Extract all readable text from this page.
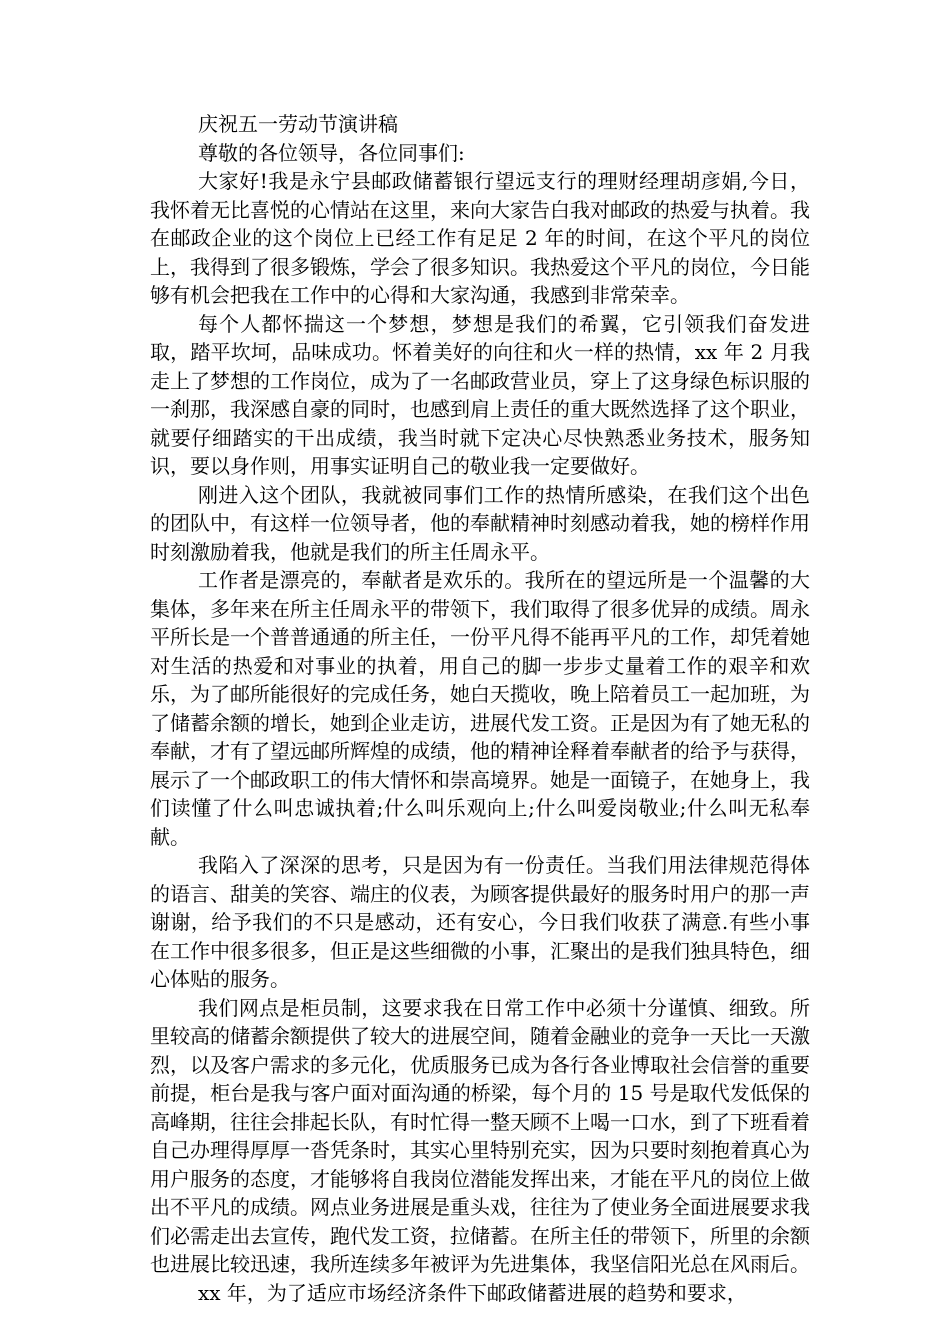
庆祝五一劳动节演讲稿

尊敬的各位领导，各位同事们:

大家好!我是永宁县邮政储蓄银行望远支行的理财经理胡彦娟,今日，我怀着无比喜悦的心情站在这里，来向大家告白我对邮政的热爱与执着。我在邮政企业的这个岗位上已经工作有足足 2 年的时间，在这个平凡的岗位上，我得到了很多锻炼，学会了很多知识。我热爱这个平凡的岗位，今日能够有机会把我在工作中的心得和大家沟通，我感到非常荣幸。

每个人都怀揣这一个梦想，梦想是我们的希翼，它引领我们奋发进取，踏平坎坷，品味成功。怀着美好的向往和火一样的热情，xx 年 2 月我走上了梦想的工作岗位，成为了一名邮政营业员，穿上了这身绿色标识服的一刹那，我深感自豪的同时，也感到肩上责任的重大既然选择了这个职业，就要仔细踏实的干出成绩，我当时就下定决心尽快熟悉业务技术，服务知识，要以身作则，用事实证明自己的敬业我一定要做好。

刚进入这个团队，我就被同事们工作的热情所感染，在我们这个出色的团队中，有这样一位领导者，他的奉献精神时刻感动着我，她的榜样作用时刻激励着我，他就是我们的所主任周永平。

工作者是漂亮的，奉献者是欢乐的。我所在的望远所是一个温馨的大集体，多年来在所主任周永平的带领下，我们取得了很多优异的成绩。周永平所长是一个普普通通的所主任，一份平凡得不能再平凡的工作，却凭着她对生活的热爱和对事业的执着，用自己的脚一步步丈量着工作的艰辛和欢乐，为了邮所能很好的完成任务，她白天揽收，晚上陪着员工一起加班，为了储蓄余额的增长，她到企业走访，进展代发工资。正是因为有了她无私的奉献，才有了望远邮所辉煌的成绩，他的精神诠释着奉献者的给予与获得，展示了一个邮政职工的伟大情怀和崇高境界。她是一面镜子，在她身上，我们读懂了什么叫忠诚执着;什么叫乐观向上;什么叫爱岗敬业;什么叫无私奉献。

我陷入了深深的思考，只是因为有一份责任。当我们用法律规范得体的语言、甜美的笑容、端庄的仪表，为顾客提供最好的服务时用户的那一声谢谢，给予我们的不只是感动，还有安心，今日我们收获了满意.有些小事在工作中很多很多，但正是这些细微的小事，汇聚出的是我们独具特色，细心体贴的服务。

我们网点是柜员制，这要求我在日常工作中必须十分谨慎、细致。所里较高的储蓄余额提供了较大的进展空间，随着金融业的竞争一天比一天激烈，以及客户需求的多元化，优质服务已成为各行各业博取社会信誉的重要前提，柜台是我与客户面对面沟通的桥梁，每个月的 15 号是取代发低保的高峰期，往往会排起长队，有时忙得一整天顾不上喝一口水，到了下班看着自己办理得厚厚一沓凭条时，其实心里特别充实，因为只要时刻抱着真心为用户服务的态度，才能够将自我岗位潜能发挥出来，才能在平凡的岗位上做出不平凡的成绩。网点业务进展是重头戏，往往为了使业务全面进展要求我们必需走出去宣传，跑代发工资，拉储蓄。在所主任的带领下，所里的余额也进展比较迅速，我所连续多年被评为先进集体，我坚信阳光总在风雨后。

xx 年，为了适应市场经济条件下邮政储蓄进展的趋势和要求，
